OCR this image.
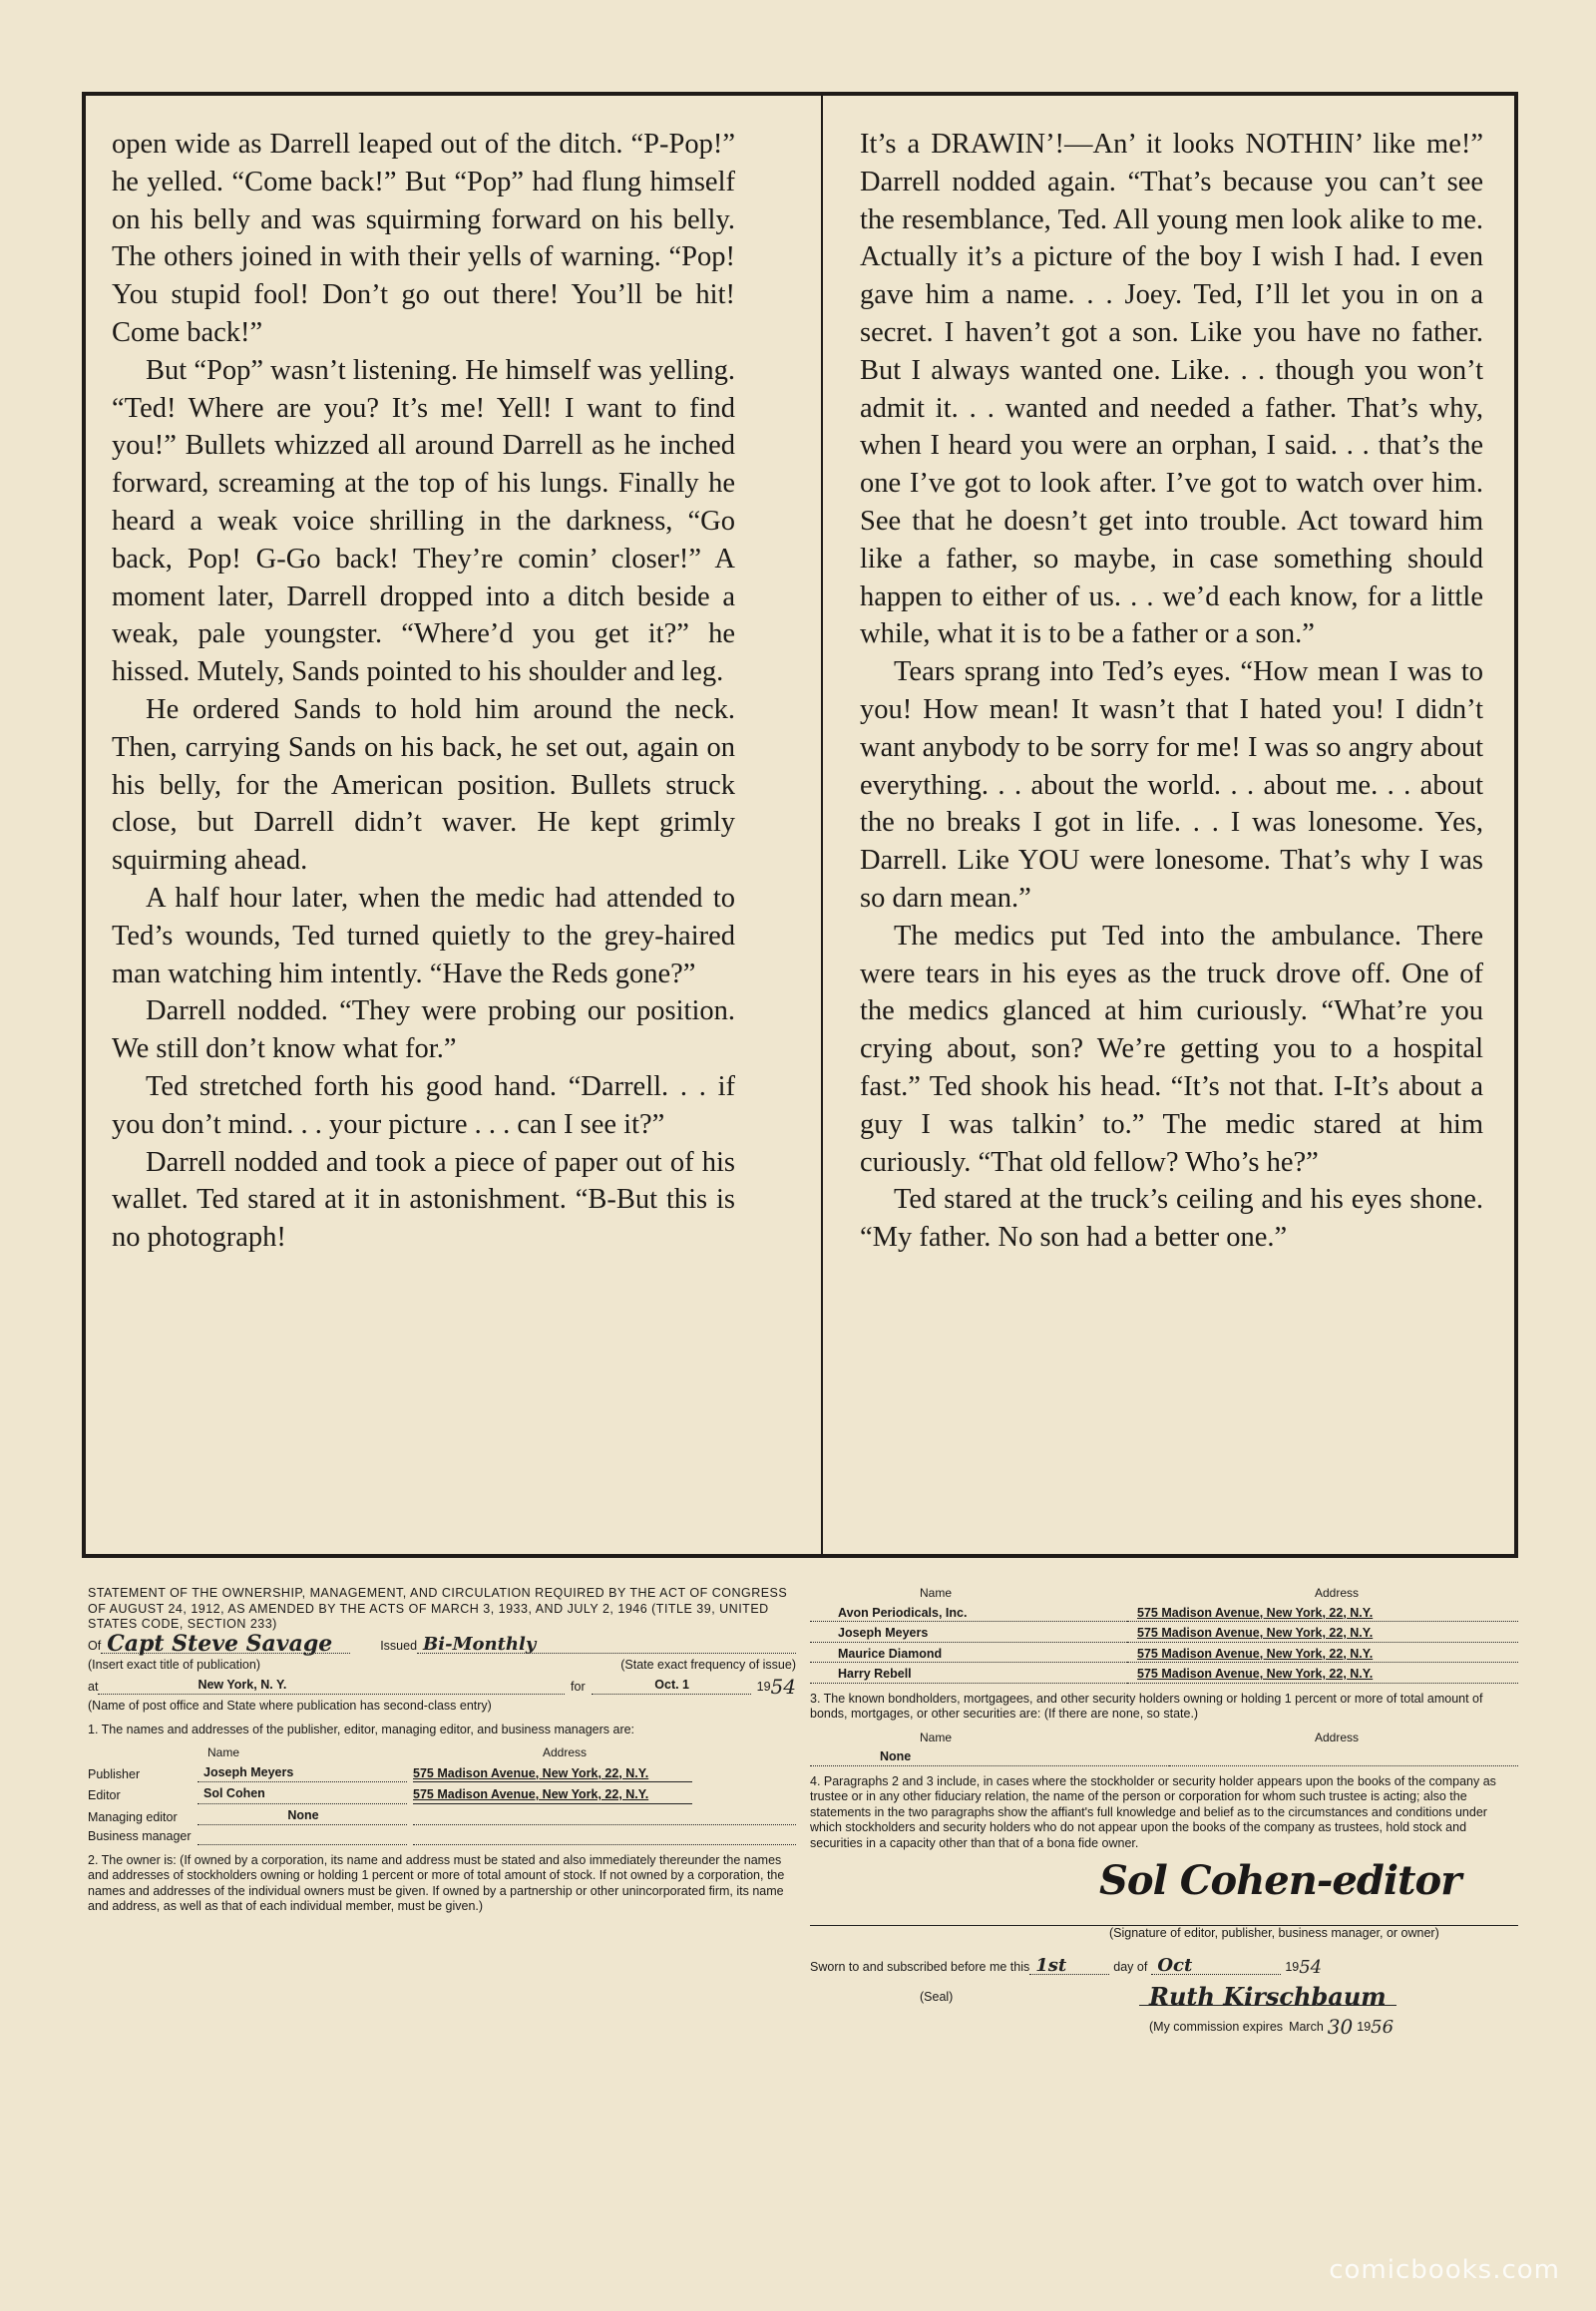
open wide as Darrell leaped out of the ditch. “P-Pop!” he yelled. “Come back!” But “Pop” had flung himself on his belly and was squirming forward on his belly. The others joined in with their yells of warning. “Pop! You stupid fool! Don’t go out there! You’ll be hit! Come back!”

But “Pop” wasn’t listening. He himself was yelling. “Ted! Where are you? It’s me! Yell! I want to find you!” Bullets whizzed all around Darrell as he inched forward, screaming at the top of his lungs. Finally he heard a weak voice shrilling in the darkness, “Go back, Pop! G-Go back! They’re comin’ closer!” A moment later, Darrell dropped into a ditch beside a weak, pale youngster. “Where’d you get it?” he hissed. Mutely, Sands pointed to his shoulder and leg.

He ordered Sands to hold him around the neck. Then, carrying Sands on his back, he set out, again on his belly, for the American position. Bullets struck close, but Darrell didn’t waver. He kept grimly squirming ahead.

A half hour later, when the medic had attended to Ted’s wounds, Ted turned quietly to the grey-haired man watching him intently. “Have the Reds gone?”

Darrell nodded. “They were probing our position. We still don’t know what for.”

Ted stretched forth his good hand. “Darrell. . . if you don’t mind. . . your picture . . . can I see it?”

Darrell nodded and took a piece of paper out of his wallet. Ted stared at it in astonishment. “B-But this is no photograph!

It’s a DRAWIN’!—An’ it looks NOTHIN’ like me!” Darrell nodded again. “That’s because you can’t see the resemblance, Ted. All young men look alike to me. Actually it’s a picture of the boy I wish I had. I even gave him a name. . . Joey. Ted, I’ll let you in on a secret. I haven’t got a son. Like you have no father. But I always wanted one. Like. . . though you won’t admit it. . . wanted and needed a father. That’s why, when I heard you were an orphan, I said. . . that’s the one I’ve got to look after. I’ve got to watch over him. See that he doesn’t get into trouble. Act toward him like a father, so maybe, in case something should happen to either of us. . . we’d each know, for a little while, what it is to be a father or a son.”

Tears sprang into Ted’s eyes. “How mean I was to you! How mean! It wasn’t that I hated you! I didn’t want anybody to be sorry for me! I was so angry about everything. . . about the world. . . about me. . . about the no breaks I got in life. . . I was lonesome. Yes, Darrell. Like YOU were lonesome. That’s why I was so darn mean.”

The medics put Ted into the ambulance. There were tears in his eyes as the truck drove off. One of the medics glanced at him curiously. “What’re you crying about, son? We’re getting you to a hospital fast.” Ted shook his head. “It’s not that. I-It’s about a guy I was talkin’ to.” The medic stared at him curiously. “That old fellow? Who’s he?”

Ted stared at the truck’s ceiling and his eyes shone. “My father. No son had a better one.”

STATEMENT OF THE OWNERSHIP, MANAGEMENT, AND CIRCULATION REQUIRED BY THE ACT OF CONGRESS OF AUGUST 24, 1912, AS AMENDED BY THE ACTS OF MARCH 3, 1933, AND JULY 2, 1946 (TITLE 39, UNITED STATES CODE, SECTION 233)
Of Capt Steve Savage	Issued Bi-Monthly
(Insert exact title of publication)	(State exact frequency of issue)
at	New York, N. Y.	for	Oct. 1	19 54
(Name of post office and State where publication has second-class entry)
1. The names and addresses of the publisher, editor, managing editor, and business managers are:
Name	Address
Publisher	Joseph Meyers	575 Madison Avenue, New York, 22, N.Y.
Editor	Sol Cohen	575 Madison Avenue, New York, 22, N.Y.
Managing editor	None
Business manager
2. The owner is: (If owned by a corporation, its name and address must be stated and also immediately thereunder the names and addresses of stockholders owning or holding 1 percent or more of total amount of stock. If not owned by a corporation, the names and addresses of the individual owners must be given. If owned by a partnership or other unincorporated firm, its name and address, as well as that of each individual member, must be given.)
Name	Address
Avon Periodicals, Inc.	575 Madison Avenue, New York, 22, N.Y.
Joseph Meyers	575 Madison Avenue, New York, 22, N.Y.
Maurice Diamond	575 Madison Avenue, New York, 22, N.Y.
Harry Rebell	575 Madison Avenue, New York, 22, N.Y.
3. The known bondholders, mortgagees, and other security holders owning or holding 1 percent or more of total amount of bonds, mortgages, or other securities are: (If there are none, so state.)
Name	Address
None
4. Paragraphs 2 and 3 include, in cases where the stockholder or security holder appears upon the books of the company as trustee or in any other fiduciary relation, the name of the person or corporation for whom such trustee is acting; also the statements in the two paragraphs show the affiant's full knowledge and belief as to the circumstances and conditions under which stockholders and security holders who do not appear upon the books of the company as trustees, hold stock and securities in a capacity other than that of a bona fide owner.
Sol Cohen-editor
(Signature of editor, publisher, business manager, or owner)
Sworn to and subscribed before me this 1st	day of Oct	19 54
(Seal)	Ruth Kirschbaum
(My commission expires March 30 19 56
comicbooks.com
